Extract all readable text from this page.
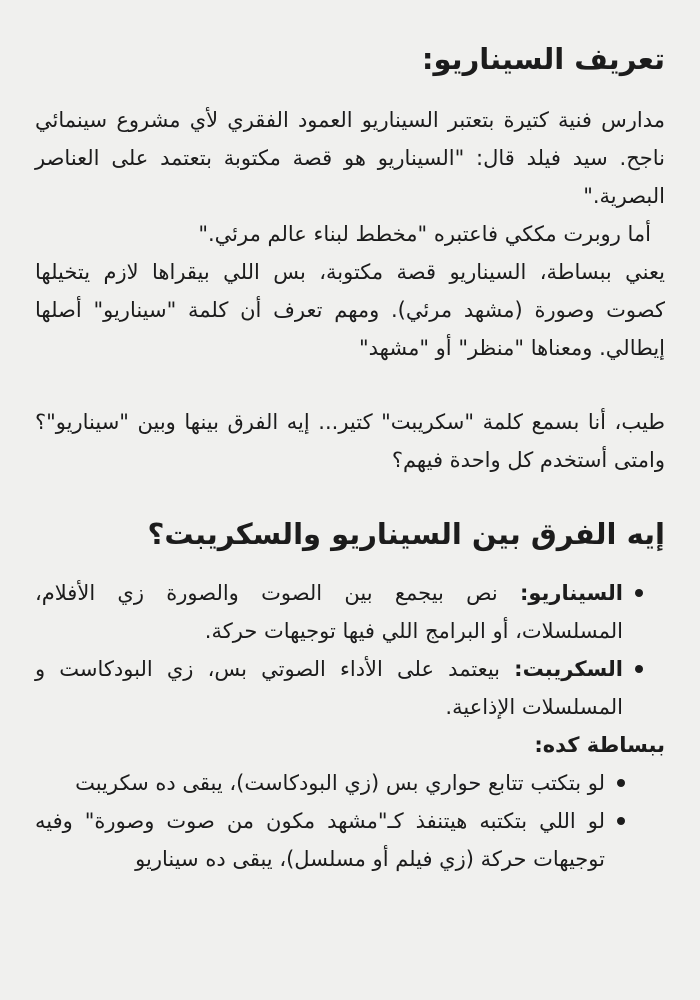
تعريف السيناريو:

مدارس فنية كتيرة بتعتبر السيناريو العمود الفقري لأي مشروع سينمائي ناجح. سيد فيلد قال: "السيناريو هو قصة مكتوبة بتعتمد على العناصر البصرية."

أما روبرت مككي فاعتبره "مخطط لبناء عالم مرئي."

يعني ببساطة، السيناريو قصة مكتوبة، بس اللي بيقراها لازم يتخيلها كصوت وصورة (مشهد مرئي). ومهم تعرف أن كلمة "سيناريو" أصلها إيطالي. ومعناها "منظر" أو "مشهد"

طيب، أنا بسمع كلمة "سكريبت" كتير... إيه الفرق بينها وبين "سيناريو"؟ وامتى أستخدم كل واحدة فيهم؟

إيه الفرق بين السيناريو والسكريبت؟
السيناريو: نص بيجمع بين الصوت والصورة زي الأفلام، المسلسلات، أو البرامج اللي فيها توجيهات حركة.
السكريبت: بيعتمد على الأداء الصوتي بس، زي البودكاست و المسلسلات الإذاعية.

ببساطة كده:

لو بتكتب تتابع حواري بس (زي البودكاست)، يبقى ده سكريبت
لو اللي بتكتبه هيتنفذ كـ"مشهد مكون من صوت وصورة" وفيه توجيهات حركة (زي فيلم أو مسلسل)، يبقى ده سيناريو
